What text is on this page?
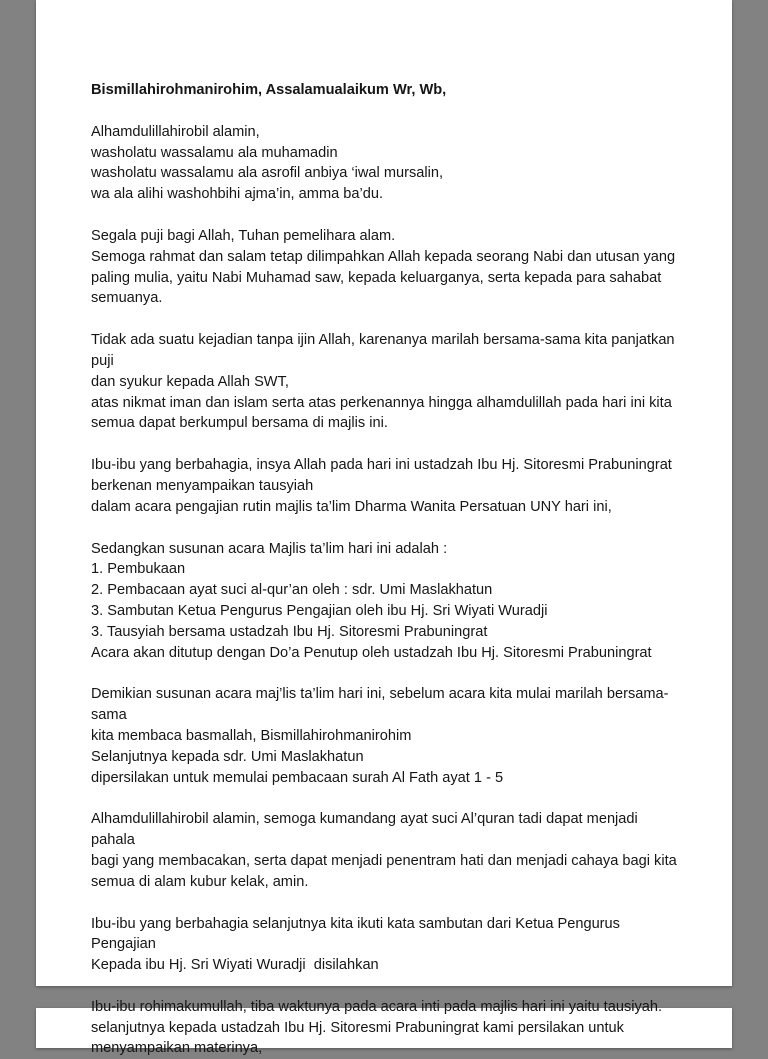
Bismillahirohmanirohim, Assalamualaikum Wr, Wb,
Alhamdulillahirobil alamin,
washolatu wassalamu ala muhamadin
washolatu wassalamu ala asrofil anbiya ‘iwal mursalin,
wa ala alihi washohbihi ajma’in, amma ba’du.
Segala puji bagi Allah, Tuhan pemelihara alam.
Semoga rahmat dan salam tetap dilimpahkan Allah kepada seorang Nabi dan utusan yang
paling mulia, yaitu Nabi Muhamad saw, kepada keluarganya, serta kepada para sahabat
semuanya.
Tidak ada suatu kejadian tanpa ijin Allah, karenanya marilah bersama-sama kita panjatkan puji
dan syukur kepada Allah SWT,
atas nikmat iman dan islam serta atas perkenannya hingga alhamdulillah pada hari ini kita
semua dapat berkumpul bersama di majlis ini.
Ibu-ibu yang berbahagia, insya Allah pada hari ini ustadzah Ibu Hj. Sitoresmi Prabuningrat
berkenan menyampaikan tausyiah
dalam acara pengajian rutin majlis ta’lim Dharma Wanita Persatuan UNY hari ini,
Sedangkan susunan acara Majlis ta’lim hari ini adalah :
1. Pembukaan
2. Pembacaan ayat suci al-qur’an oleh : sdr. Umi Maslakhatun
3. Sambutan Ketua Pengurus Pengajian oleh ibu Hj. Sri Wiyati Wuradji
3. Tausyiah bersama ustadzah Ibu Hj. Sitoresmi Prabuningrat
Acara akan ditutup dengan Do’a Penutup oleh ustadzah Ibu Hj. Sitoresmi Prabuningrat
Demikian susunan acara maj’lis ta’lim hari ini, sebelum acara kita mulai marilah bersama-sama
kita membaca basmallah, Bismillahirohmanirohim
Selanjutnya kepada sdr. Umi Maslakhatun
dipersilakan untuk memulai pembacaan surah Al Fath ayat 1 - 5
Alhamdulillahirobil alamin, semoga kumandang ayat suci Al’quran tadi dapat menjadi pahala
bagi yang membacakan, serta dapat menjadi penentram hati dan menjadi cahaya bagi kita
semua di alam kubur kelak, amin.
Ibu-ibu yang berbahagia selanjutnya kita ikuti kata sambutan dari Ketua Pengurus Pengajian
Kepada ibu Hj. Sri Wiyati Wuradji  disilahkan
Ibu-ibu rohimakumullah, tiba waktunya pada acara inti pada majlis hari ini yaitu tausiyah.
selanjutnya kepada ustadzah Ibu Hj. Sitoresmi Prabuningrat kami persilakan untuk
menyampaikan materinya,
